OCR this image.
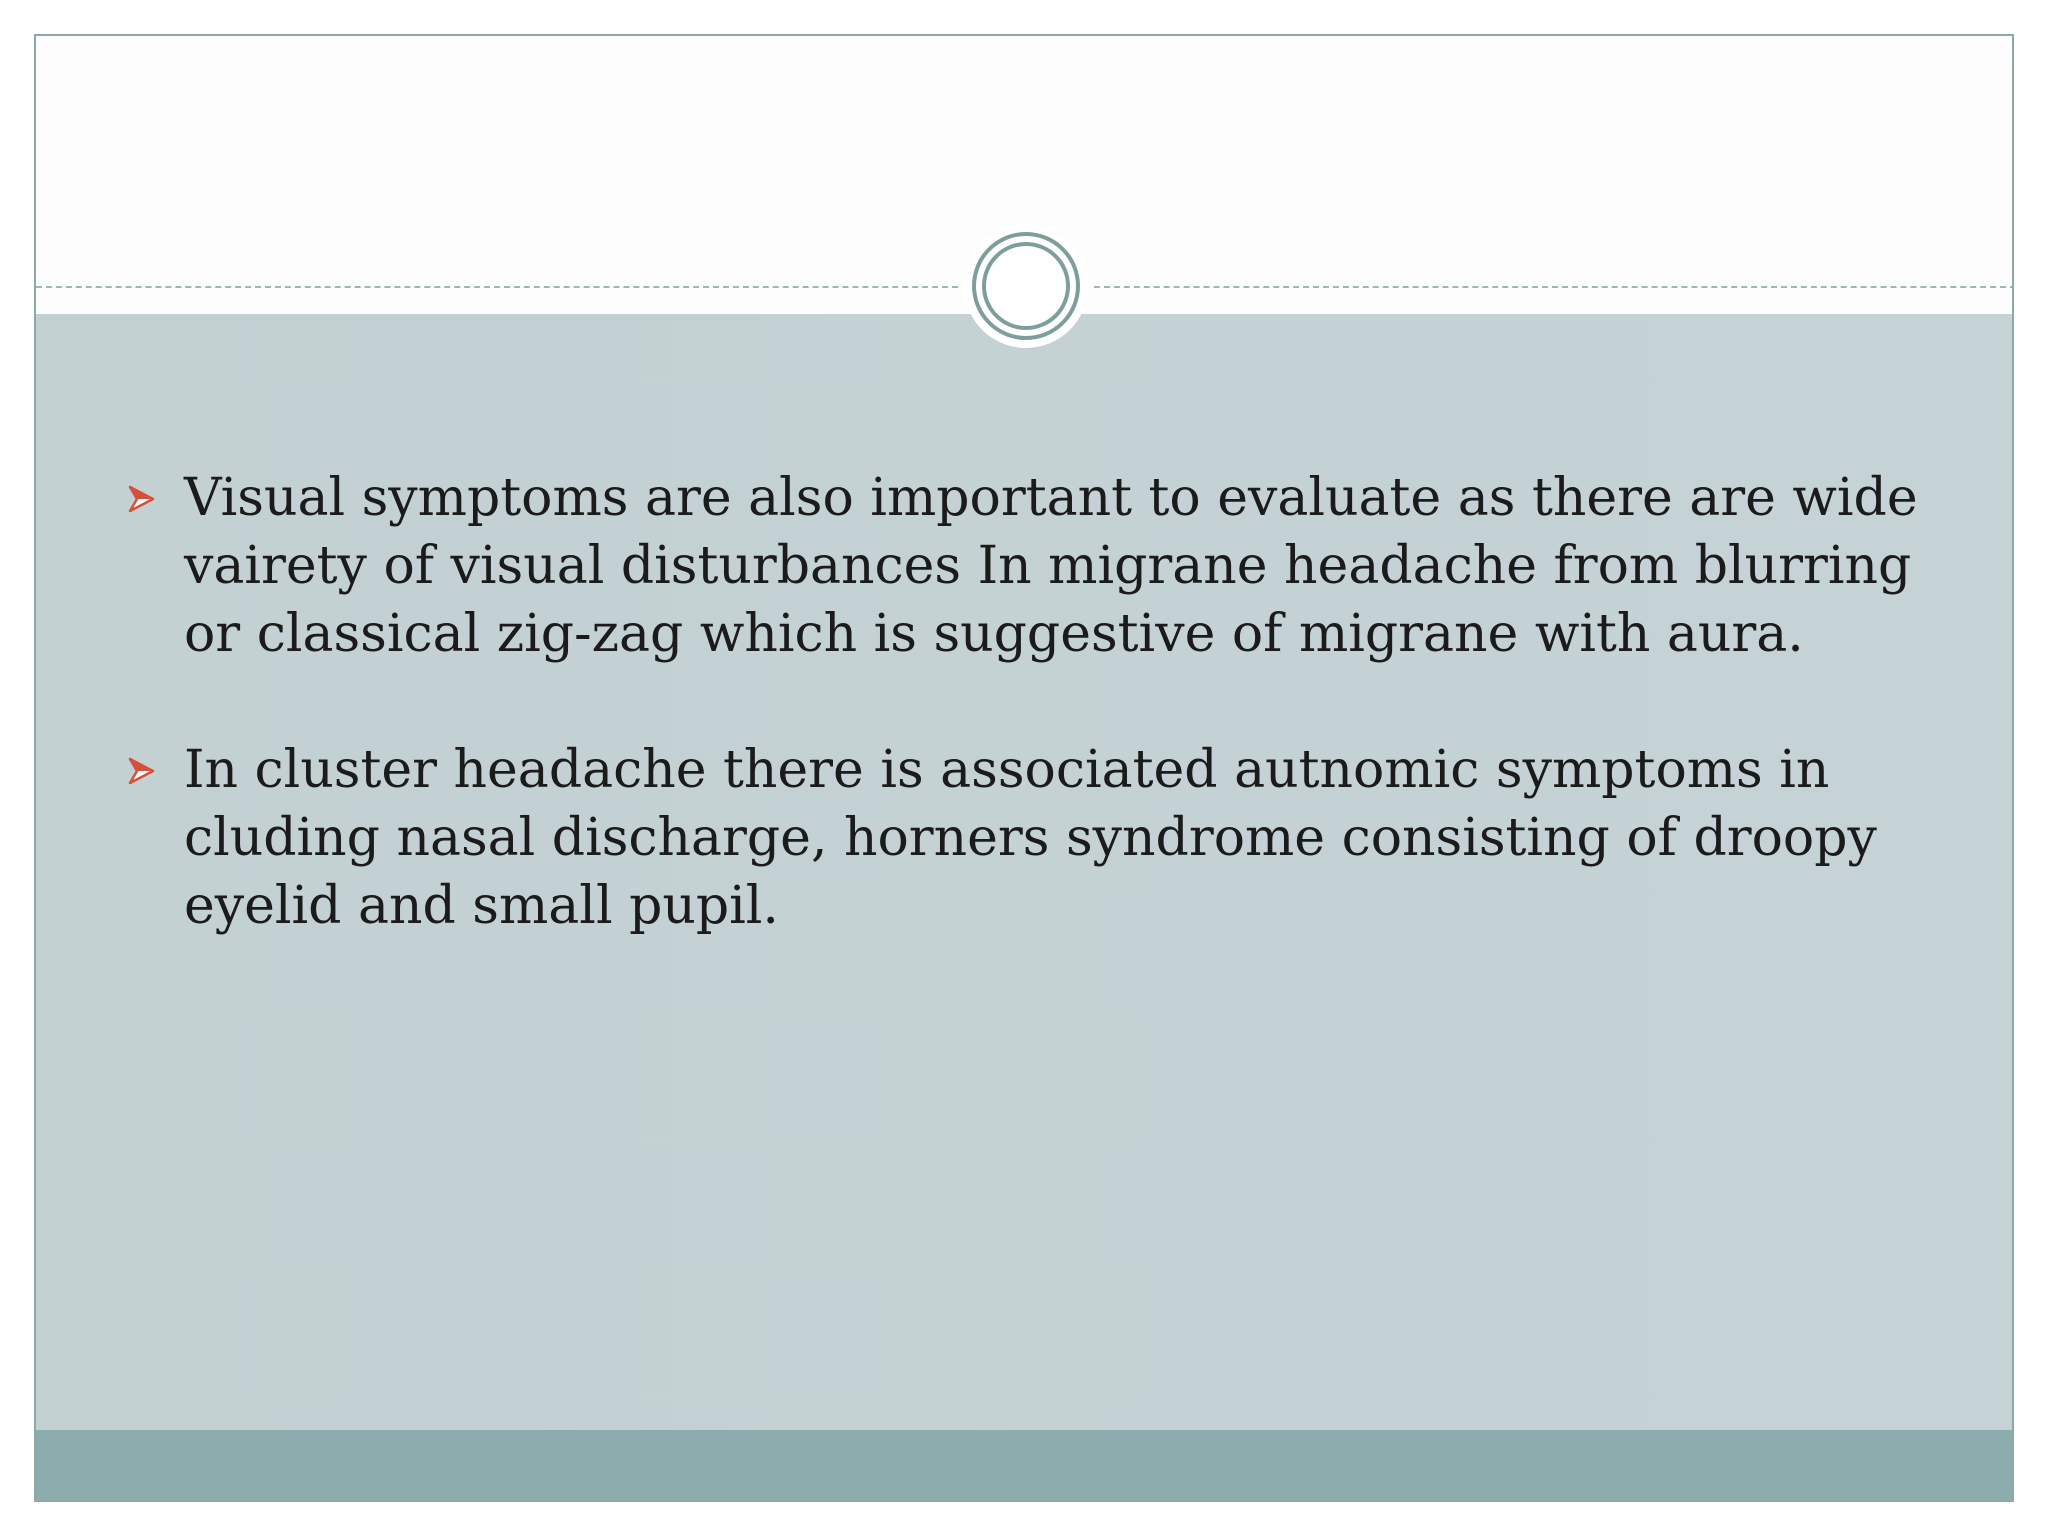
Visual symptoms are also important to evaluate as there are wide vairety of visual disturbances In migrane headache from blurring or classical zig-zag which is suggestive of migrane with aura.
In cluster headache there is associated autnomic symptoms in cluding nasal discharge, horners syndrome consisting of droopy eyelid and small pupil.
